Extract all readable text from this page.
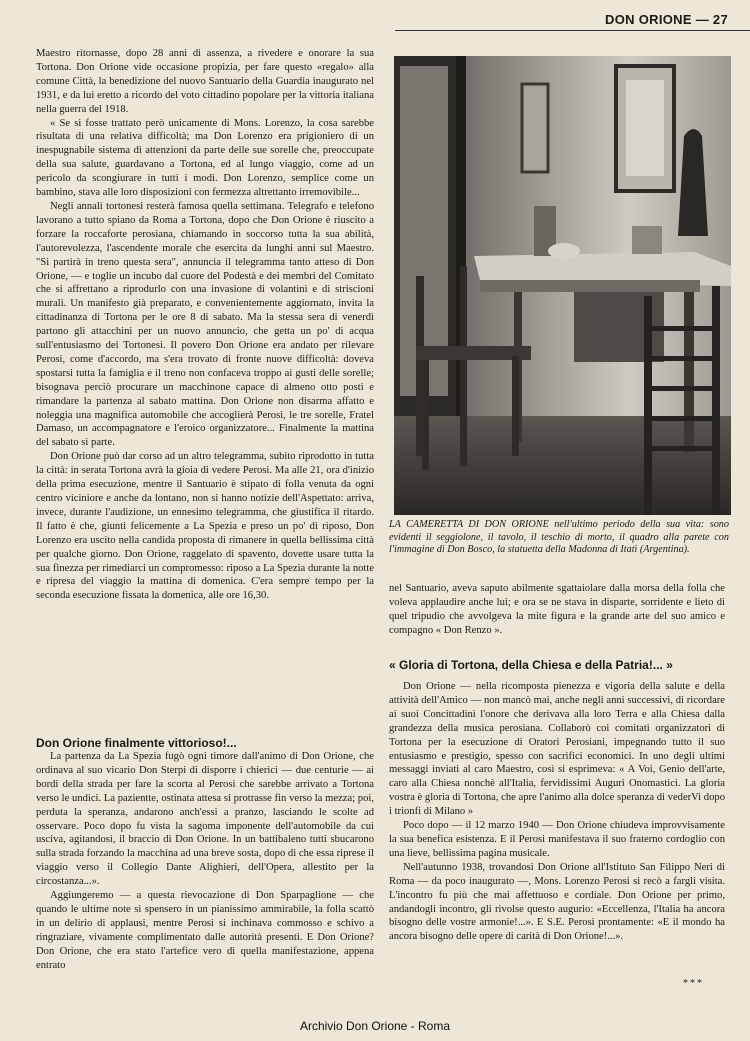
DON ORIONE — 27

Maestro ritornasse, dopo 28 anni di assenza, a rivedere e onorare la sua Tortona. Don Orione vide occasione propizia, per fare questo «regalo» alla comune Città, la benedizione del nuovo Santuario della Guardia inaugurato nel 1931, e da lui eretto a ricordo del voto cittadino popolare per la vittoria italiana nella guerra del 1918.

« Se si fosse trattato però unicamente di Mons. Lorenzo, la cosa sarebbe risultata di una relativa difficoltà; ma Don Lorenzo era prigioniero di un inespugnabile sistema di attenzioni da parte delle sue sorelle che, preoccupate della sua salute, guardavano a Tortona, ed al lungo viaggio, come ad un pericolo da scongiurare in tutti i modi. Don Lorenzo, semplice come un bambino, stava alle loro disposizioni con fermezza altrettanto irremovibile...

Negli annali tortonesi resterà famosa quella settimana. Telegrafo e telefono lavorano a tutto spiano da Roma a Tortona, dopo che Don Orione è riuscito a forzare la roccaforte perosiana, chiamando in soccorso tutta la sua abilità, l'autorevolezza, l'ascendente morale che esercita da lunghi anni sul Maestro. "Si partirà in treno questa sera", annuncia il telegramma tanto atteso di Don Orione, — e toglie un incubo dal cuore del Podestà e dei membri del Comitato che si affrettano a riprodurlo con una invasione di volantini e di striscioni murali. Un manifesto già preparato, e convenientemente aggiornato, invita la cittadinanza di Tortona per le ore 8 di sabato. Ma la stessa sera di venerdì partono gli attacchini per un nuovo annuncio, che getta un po' di acqua sull'entusiasmo dei Tortonesi. Il povero Don Orione era andato per rilevare Perosi, come d'accordo, ma s'era trovato di fronte nuove difficoltà: doveva spostarsi tutta la famiglia e il treno non confaceva troppo ai gusti delle sorelle; bisognava perciò procurare un macchinone capace di almeno otto posti e rimandare la partenza al sabato mattina. Don Orione non disarma affatto e noleggia una magnifica automobile che accoglierà Perosi, le tre sorelle, Fratel Damaso, un accompagnatore e l'eroico organizzatore... Finalmente la mattina del sabato si parte.

Don Orione può dar corso ad un altro telegramma, subito riprodotto in tutta la città: in serata Tortona avrà la gioia di vedere Perosi. Ma alle 21, ora d'inizio della prima esecuzione, mentre il Santuario è stipato di folla venuta da ogni centro viciniore e anche da lontano, non si hanno notizie dell'Aspettato: arriva, invece, durante l'audizione, un ennesimo telegramma, che giustifica il ritardo. Il fatto è che, giunti felicemente a La Spezia e preso un po' di riposo, Don Lorenzo era uscito nella candida proposta di rimanere in quella bellissima città per qualche giorno. Don Orione, raggelato di spavento, dovette usare tutta la sua finezza per rimediarci un compromesso: riposo a La Spezia durante la notte e ripresa del viaggio la mattina di domenica. C'era sempre tempo per la seconda esecuzione fissata la domenica, alle ore 16,30.

Don Orione finalmente vittorioso!...

La partenza da La Spezia fugò ogni timore dall'animo di Don Orione, che ordinava al suo vicario Don Sterpi di disporre i chierici — due centurie — ai bordi della strada per fare la scorta al Perosi che sarebbe arrivato a Tortona verso le undici. La pazientte, ostinata attesa si protrasse fin verso la mezza; poi, perduta la speranza, andarono anch'essi a pranzo, lasciando le scolte ad osservare. Poco dopo fu vista la sagoma imponente dell'automobile da cui usciva, agitandosi, il braccio di Don Orione. In un battibaleno tutti sbucarono sulla strada forzando la macchina ad una breve sosta, dopo di che essa riprese il viaggio verso il Collegio Dante Alighieri, dell'Opera, allestito per la circostanza...».

Aggiungeremo — a questa rievocazione di Don Sparpaglione — che quando le ultime note si spensero in un pianissimo ammirabile, la folla scattò in un delirio di applausi, mentre Perosi si inchinava commosso e schivo a ringraziare, vivamente complimentato dalle autorità presenti. E Don Orione? Don Orione, che era stato l'artefice vero di quella manifestazione, appena entrato

LA CAMERETTA DI DON ORIONE nell'ultimo periodo della sua vita: sono evidenti il seggiolone, il tavolo, il teschio di morto, il quadro alla parete con l'immagine di Don Bosco, la statuetta della Madonna di Itatì (Argentina).

nel Santuario, aveva saputo abilmente sgattaiolare dalla morsa della folla che voleva applaudire anche lui; e ora se ne stava in disparte, sorridente e lieto di quel tripudio che avvolgeva la mite figura e la grande arte del suo amico e compagno « Don Renzo ».

« Gloria di Tortona, della Chiesa e della Patria!... »

Don Orione — nella ricomposta pienezza e vigoria della salute e della attività dell'Amico — non mancò mai, anche negli anni successivi, di ricordare ai suoi Concittadini l'onore che derivava alla loro Terra e alla Chiesa dalla grandezza della musica perosiana. Collaborò coi comitati organizzatori di Tortona per la esecuzione di Oratori Perosiani, impegnando tutto il suo entusiasmo e prestigio, spesso con sacrifici economici. In uno degli ultimi messaggi inviati al caro Maestro, così si esprimeva: « A Voi, Genio dell'arte, caro alla Chiesa nonchè all'Italia, fervidissimi Auguri Onomastici. La gloria vostra è gloria di Tortona, che apre l'animo alla dolce speranza di vederVi dopo i trionfi di Milano »

Poco dopo — il 12 marzo 1940 — Don Orione chiudeva improvvisamente la sua benefica esistenza. E il Perosi manifestava il suo fraterno cordoglio con una lieve, bellissima pagina musicale.

Nell'autunno 1938, trovandosi Don Orione all'Istituto San Filippo Neri di Roma — da poco inaugurato —, Mons. Lorenzo Perosi si recò a fargli visita. L'incontro fu più che mai affettuoso e cordiale. Don Orione per primo, andandogli incontro, gli rivolse questo augurio: «Eccellenza, l'Italia ha ancora bisogno delle vostre armonie!...». E S.E. Perosi prontamente: «E il mondo ha ancora bisogno delle opere di carità di Don Orione!...».

***
Archivio Don Orione - Roma
